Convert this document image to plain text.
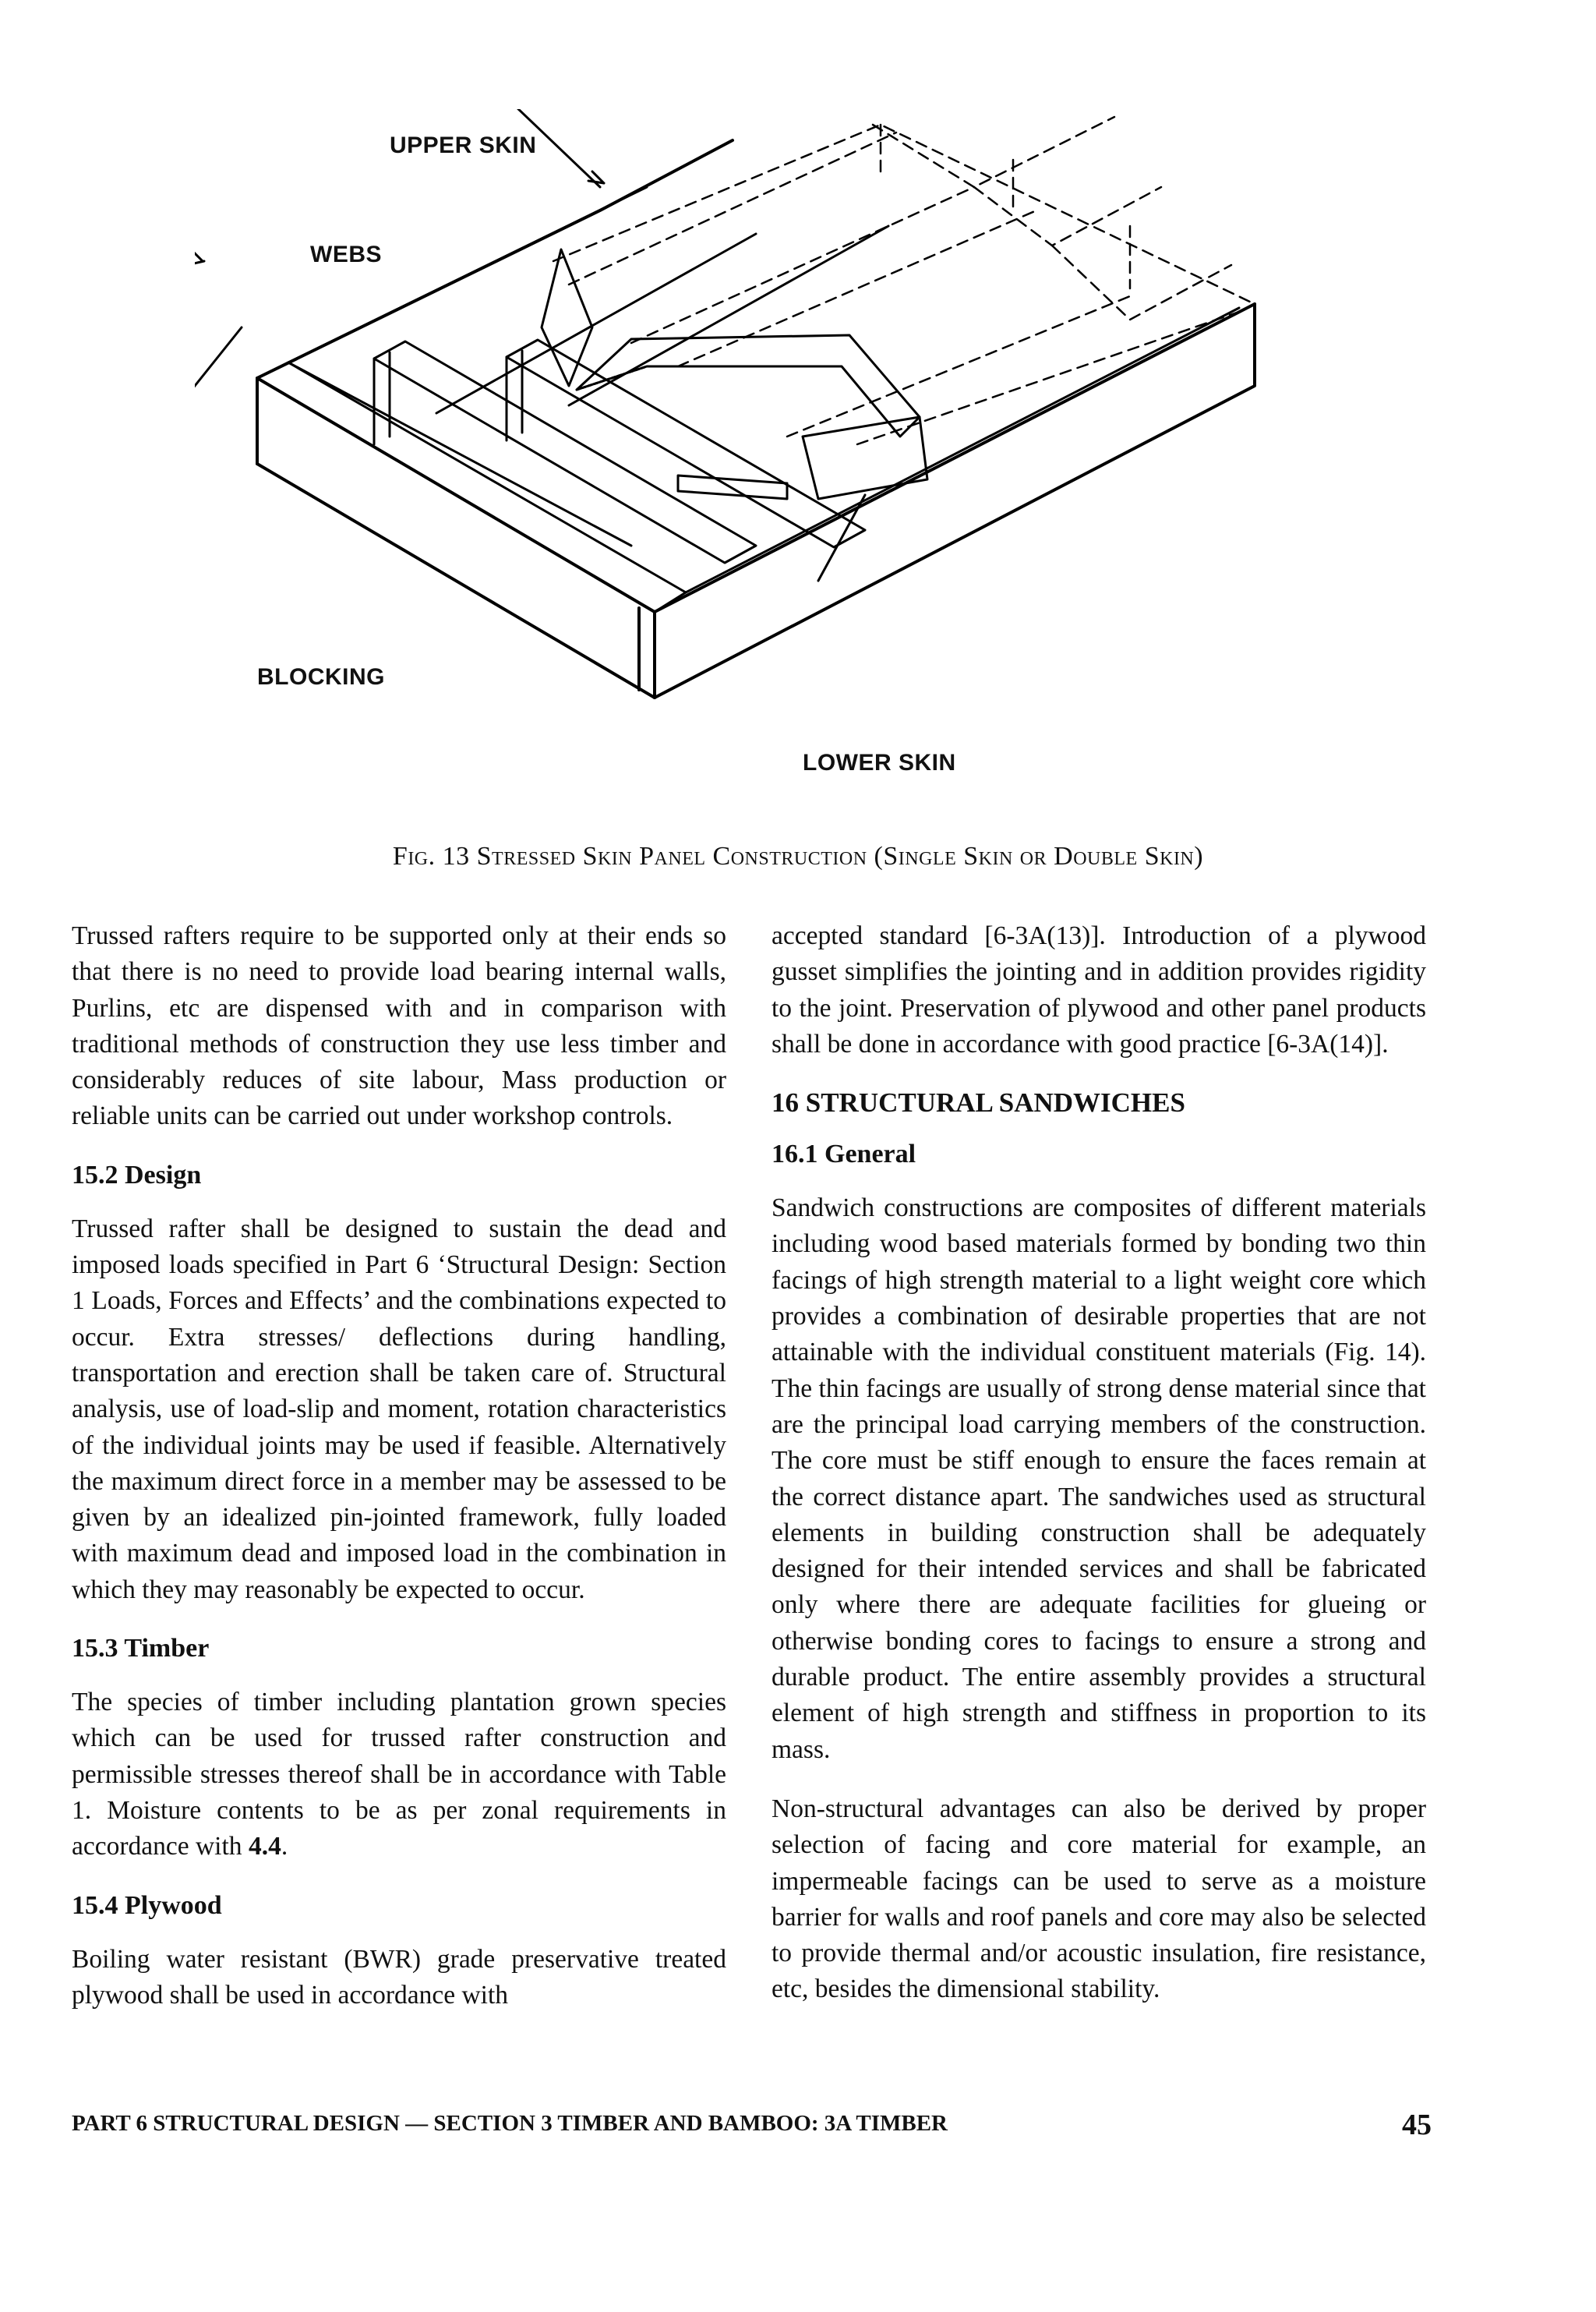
UPPER SKIN
WEBS
BLOCKING
LOWER SKIN
Fig. 13 Stressed Skin Panel Construction (Single Skin or Double Skin)

Trussed rafters require to be supported only at their ends so that there is no need to provide load bearing internal walls, Purlins, etc are dispensed with and in comparison with traditional methods of construction they use less timber and considerably reduces of site labour, Mass production or reliable units can be carried out under workshop controls.

15.2 Design

Trussed rafter shall be designed to sustain the dead and imposed loads specified in Part 6 ‘Structural Design: Section 1 Loads, Forces and Effects’ and the combinations expected to occur. Extra stresses/ deflections during handling, transportation and erection shall be taken care of. Structural analysis, use of load-slip and moment, rotation characteristics of the individual joints may be used if feasible. Alternatively the maximum direct force in a member may be assessed to be given by an idealized pin-jointed framework, fully loaded with maximum dead and imposed load in the combination in which they may reasonably be expected to occur.

15.3 Timber

The species of timber including plantation grown species which can be used for trussed rafter construction and permissible stresses thereof shall be in accordance with Table 1. Moisture contents to be as per zonal requirements in accordance with 4.4.

15.4 Plywood

Boiling water resistant (BWR) grade preservative treated plywood shall be used in accordance with

accepted standard [6-3A(13)]. Introduction of a plywood gusset simplifies the jointing and in addition provides rigidity to the joint. Preservation of plywood and other panel products shall be done in accordance with good practice [6-3A(14)].

16 STRUCTURAL SANDWICHES
16.1 General

Sandwich constructions are composites of different materials including wood based materials formed by bonding two thin facings of high strength material to a light weight core which provides a combination of desirable properties that are not attainable with the individual constituent materials (Fig. 14). The thin facings are usually of strong dense material since that are the principal load carrying members of the construction. The core must be stiff enough to ensure the faces remain at the correct distance apart. The sandwiches used as structural elements in building construction shall be adequately designed for their intended services and shall be fabricated only where there are adequate facilities for glueing or otherwise bonding cores to facings to ensure a strong and durable product. The entire assembly provides a structural element of high strength and stiffness in proportion to its mass.

Non-structural advantages can also be derived by proper selection of facing and core material for example, an impermeable facings can be used to serve as a moisture barrier for walls and roof panels and core may also be selected to provide thermal and/or acoustic insulation, fire resistance, etc, besides the dimensional stability.

PART 6 STRUCTURAL DESIGN — SECTION 3 TIMBER AND BAMBOO: 3A TIMBER	45
